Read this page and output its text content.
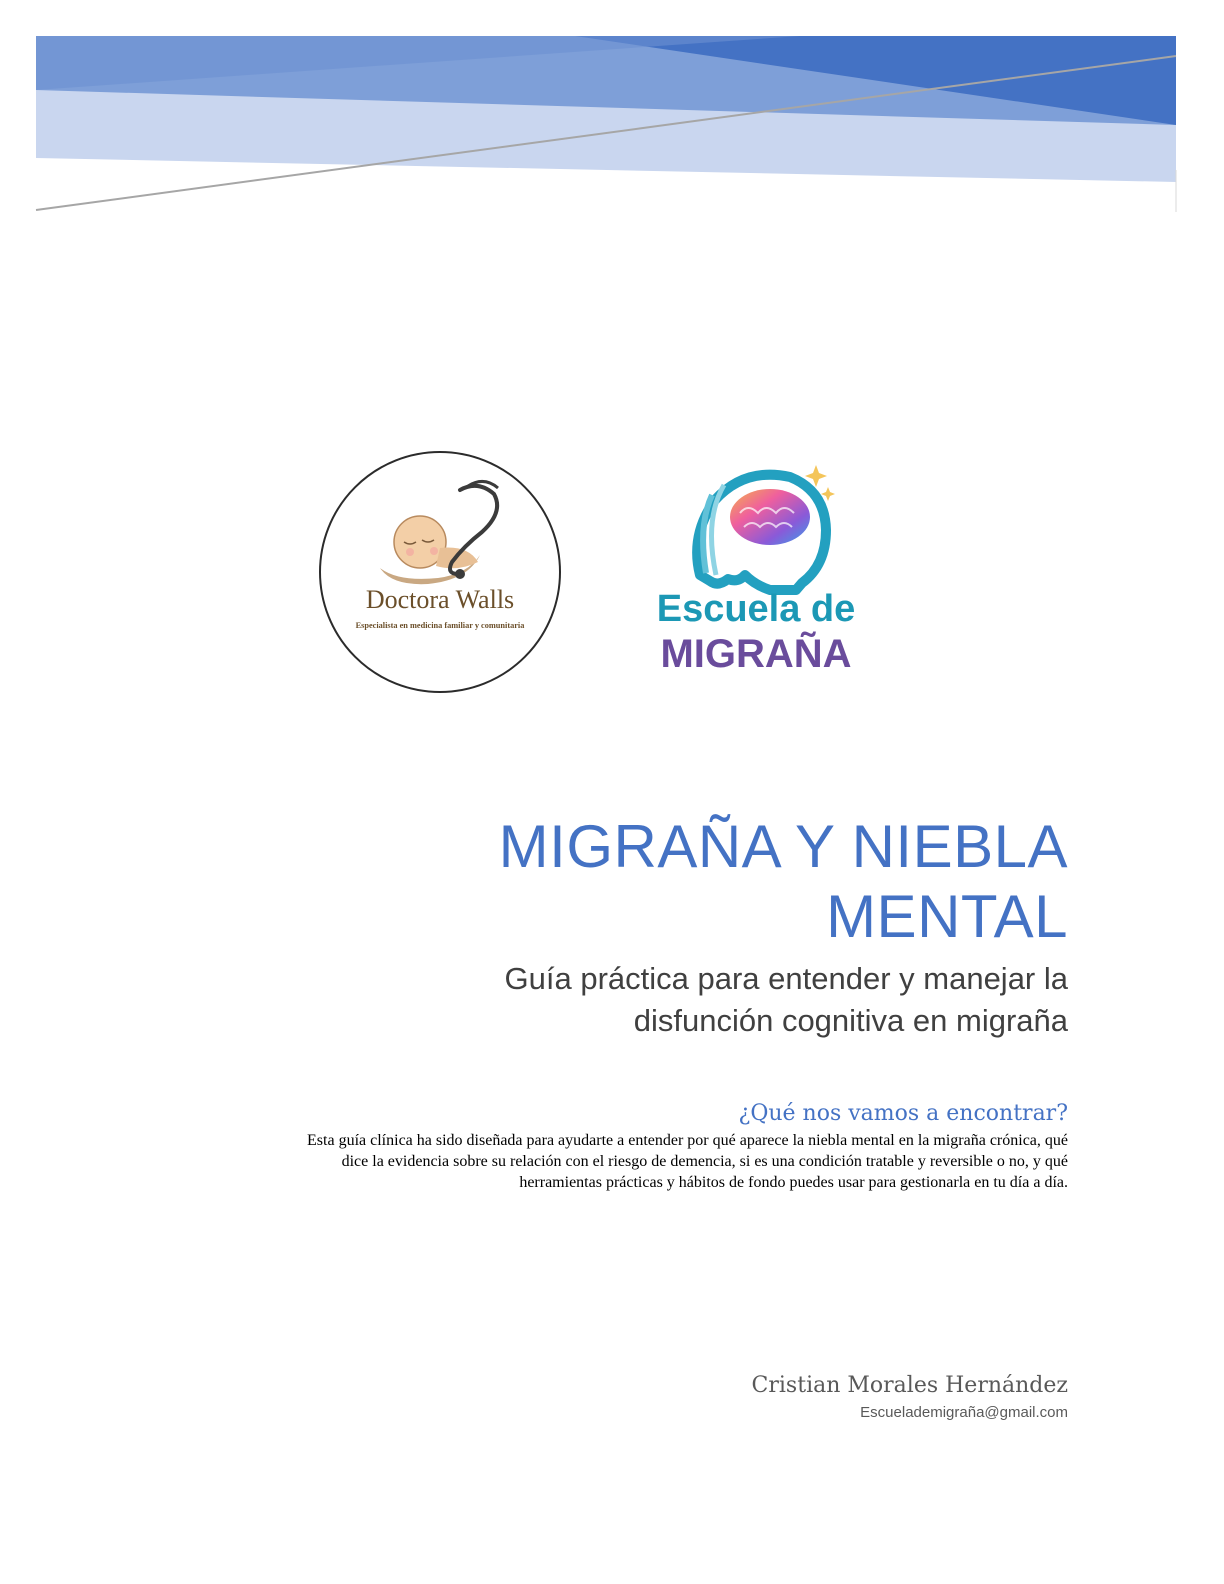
Doctora Walls
Especialista en medicina familiar y comunitaria	Escuela de
MIGRAÑA
MIGRAÑA Y NIEBLA
MENTAL

Guía práctica para entender y manejar la
disfunción cognitiva en migraña

¿Qué nos vamos a encontrar?

Esta guía clínica ha sido diseñada para ayudarte a entender por qué aparece la niebla mental en la migraña crónica, qué dice la evidencia sobre su relación con el riesgo de demencia, si es una condición tratable y reversible o no, y qué herramientas prácticas y hábitos de fondo puedes usar para gestionarla en tu día a día.

Cristian Morales Hernández

Escuelademigraña@gmail.com
